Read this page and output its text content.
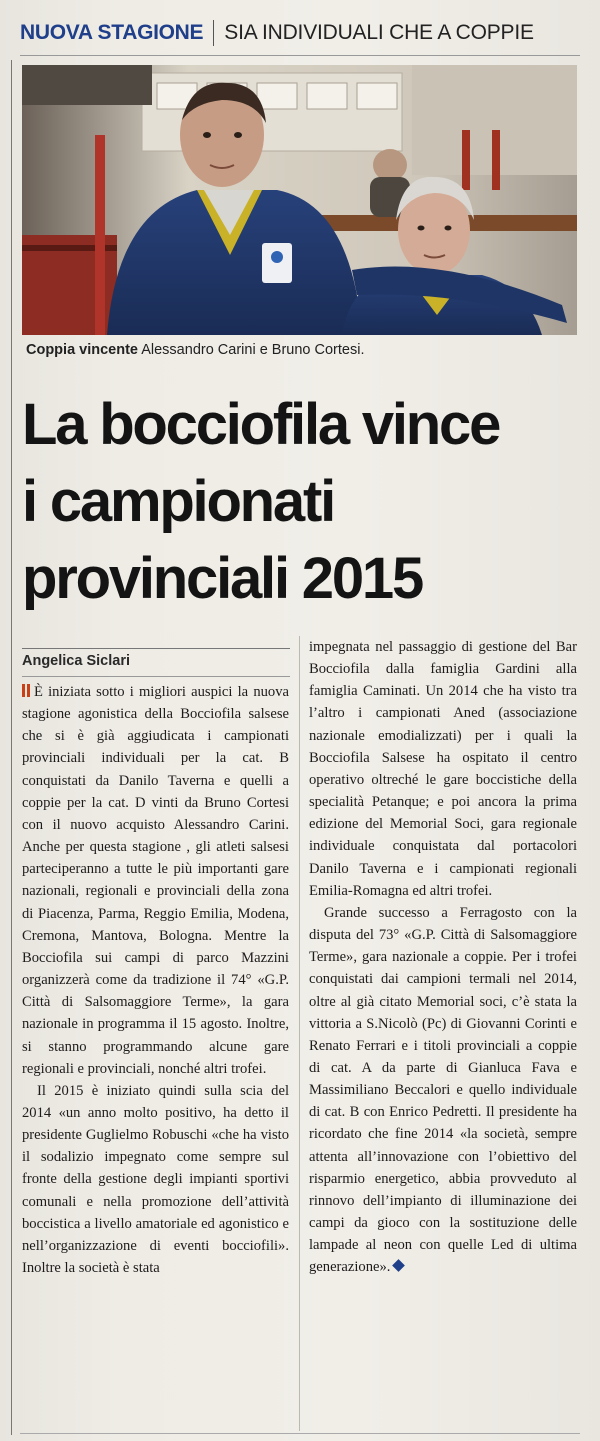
NUOVA STAGIONE SIA INDIVIDUALI CHE A COPPIE
Coppia vincente Alessandro Carini e Bruno Cortesi.
La bocciofila vince
i campionati
provinciali 2015
Angelica Siclari

È iniziata sotto i migliori auspici la nuova stagione agonistica della Bocciofila salsese che si è già aggiudicata i campionati provinciali individuali per la cat. B conquistati da Danilo Taverna e quelli a coppie per la cat. D vinti da Bruno Cortesi con il nuovo acquisto Alessandro Carini. Anche per questa stagione , gli atleti salsesi parteciperanno a tutte le più importanti gare nazionali, regionali e provinciali della zona di Piacenza, Parma, Reggio Emilia, Modena, Cremona, Mantova, Bologna. Mentre la Bocciofila sui campi di parco Mazzini organizzerà come da tradizione il 74° «G.P. Città di Salsomaggiore Terme», la gara nazionale in programma il 15 agosto. Inoltre, si stanno programmando alcune gare regionali e provinciali, nonché altri trofei.

Il 2015 è iniziato quindi sulla scia del 2014 «un anno molto positivo, ha detto il presidente Guglielmo Robuschi «che ha visto il sodalizio impegnato come sempre sul fronte della gestione degli impianti sportivi comunali e nella promozione dell’attività boccistica a livello amatoriale ed agonistico e nell’organizzazione di eventi bocciofili». Inoltre la società è stata

impegnata nel passaggio di gestione del Bar Bocciofila dalla famiglia Gardini alla famiglia Caminati. Un 2014 che ha visto tra l’altro i campionati Aned (associazione nazionale emodializzati) per i quali la Bocciofila Salsese ha ospitato il centro operativo oltreché le gare boccistiche della specialità Petanque; e poi ancora la prima edizione del Memorial Soci, gara regionale individuale conquistata dal portacolori Danilo Taverna e i campionati regionali Emilia-Romagna ed altri trofei.

Grande successo a Ferragosto con la disputa del 73° «G.P. Città di Salsomaggiore Terme», gara nazionale a coppie. Per i trofei conquistati dai campioni termali nel 2014, oltre al già citato Memorial soci, c’è stata la vittoria a S.Nicolò (Pc) di Giovanni Corinti e Renato Ferrari e i titoli provinciali a coppie di cat. A da parte di Gianluca Fava e Massimiliano Beccalori e quello individuale di cat. B con Enrico Pedretti. Il presidente ha ricordato che fine 2014 «la società, sempre attenta all’innovazione con l’obiettivo del risparmio energetico, abbia provveduto al rinnovo dell’impianto di illuminazione dei campi da gioco con la sostituzione delle lampade al neon con quelle Led di ultima generazione».
